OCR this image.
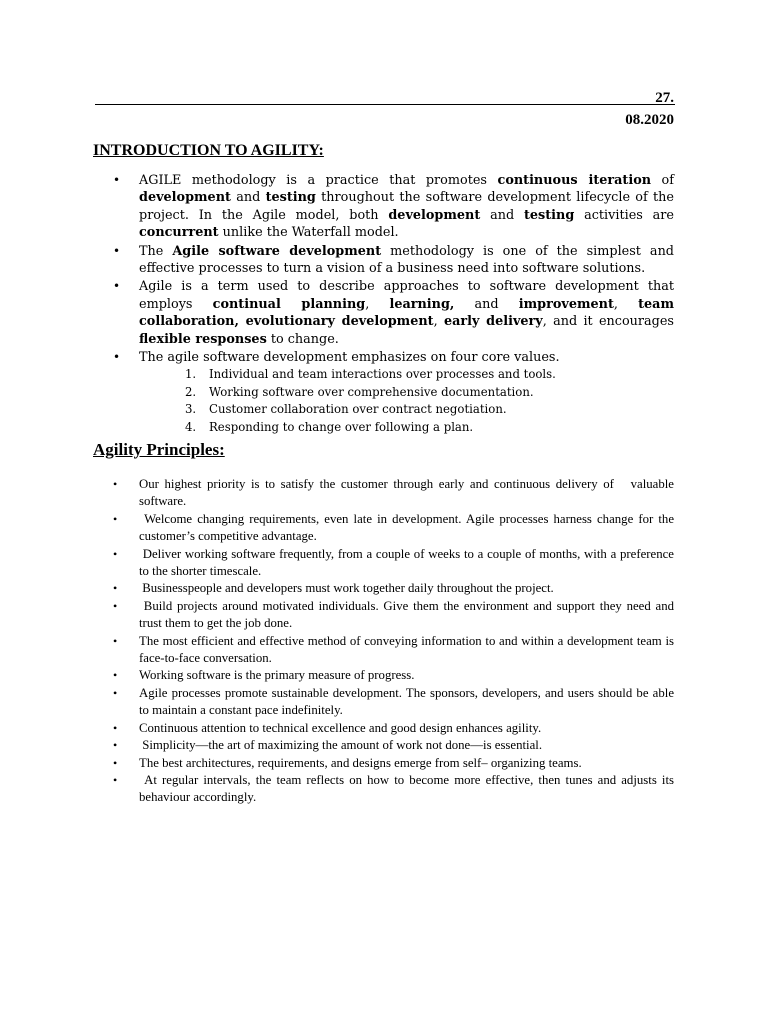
27.
08.2020
INTRODUCTION TO AGILITY:
• AGILE methodology is a practice that promotes continuous iteration of development and testing throughout the software development lifecycle of the project. In the Agile model, both development and testing activities are concurrent unlike the Waterfall model.
• The Agile software development methodology is one of the simplest and effective processes to turn a vision of a business need into software solutions.
• Agile is a term used to describe approaches to software development that employs continual planning, learning, and improvement, team collaboration, evolutionary development, early delivery, and it encourages flexible responses to change.
• The agile software development emphasizes on four core values.
1. Individual and team interactions over processes and tools.
2. Working software over comprehensive documentation.
3. Customer collaboration over contract negotiation.
4. Responding to change over following a plan.
Agility Principles:
• Our highest priority is to satisfy the customer through early and continuous delivery of   valuable software.
•  Welcome changing requirements, even late in development. Agile processes harness change for the customer’s competitive advantage.
•  Deliver working software frequently, from a couple of weeks to a couple of months, with a preference to the shorter timescale.
•  Businesspeople and developers must work together daily throughout the project.
•  Build projects around motivated individuals. Give them the environment and support they need and trust them to get the job done.
• The most efficient and effective method of conveying information to and within a development team is face-to-face conversation.
• Working software is the primary measure of progress.
• Agile processes promote sustainable development. The sponsors, developers, and users should be able to maintain a constant pace indefinitely.
• Continuous attention to technical excellence and good design enhances agility.
•  Simplicity—the art of maximizing the amount of work not done—is essential.
• The best architectures, requirements, and designs emerge from self– organizing teams.
•  At regular intervals, the team reflects on how to become more effective, then tunes and adjusts its behaviour accordingly.
